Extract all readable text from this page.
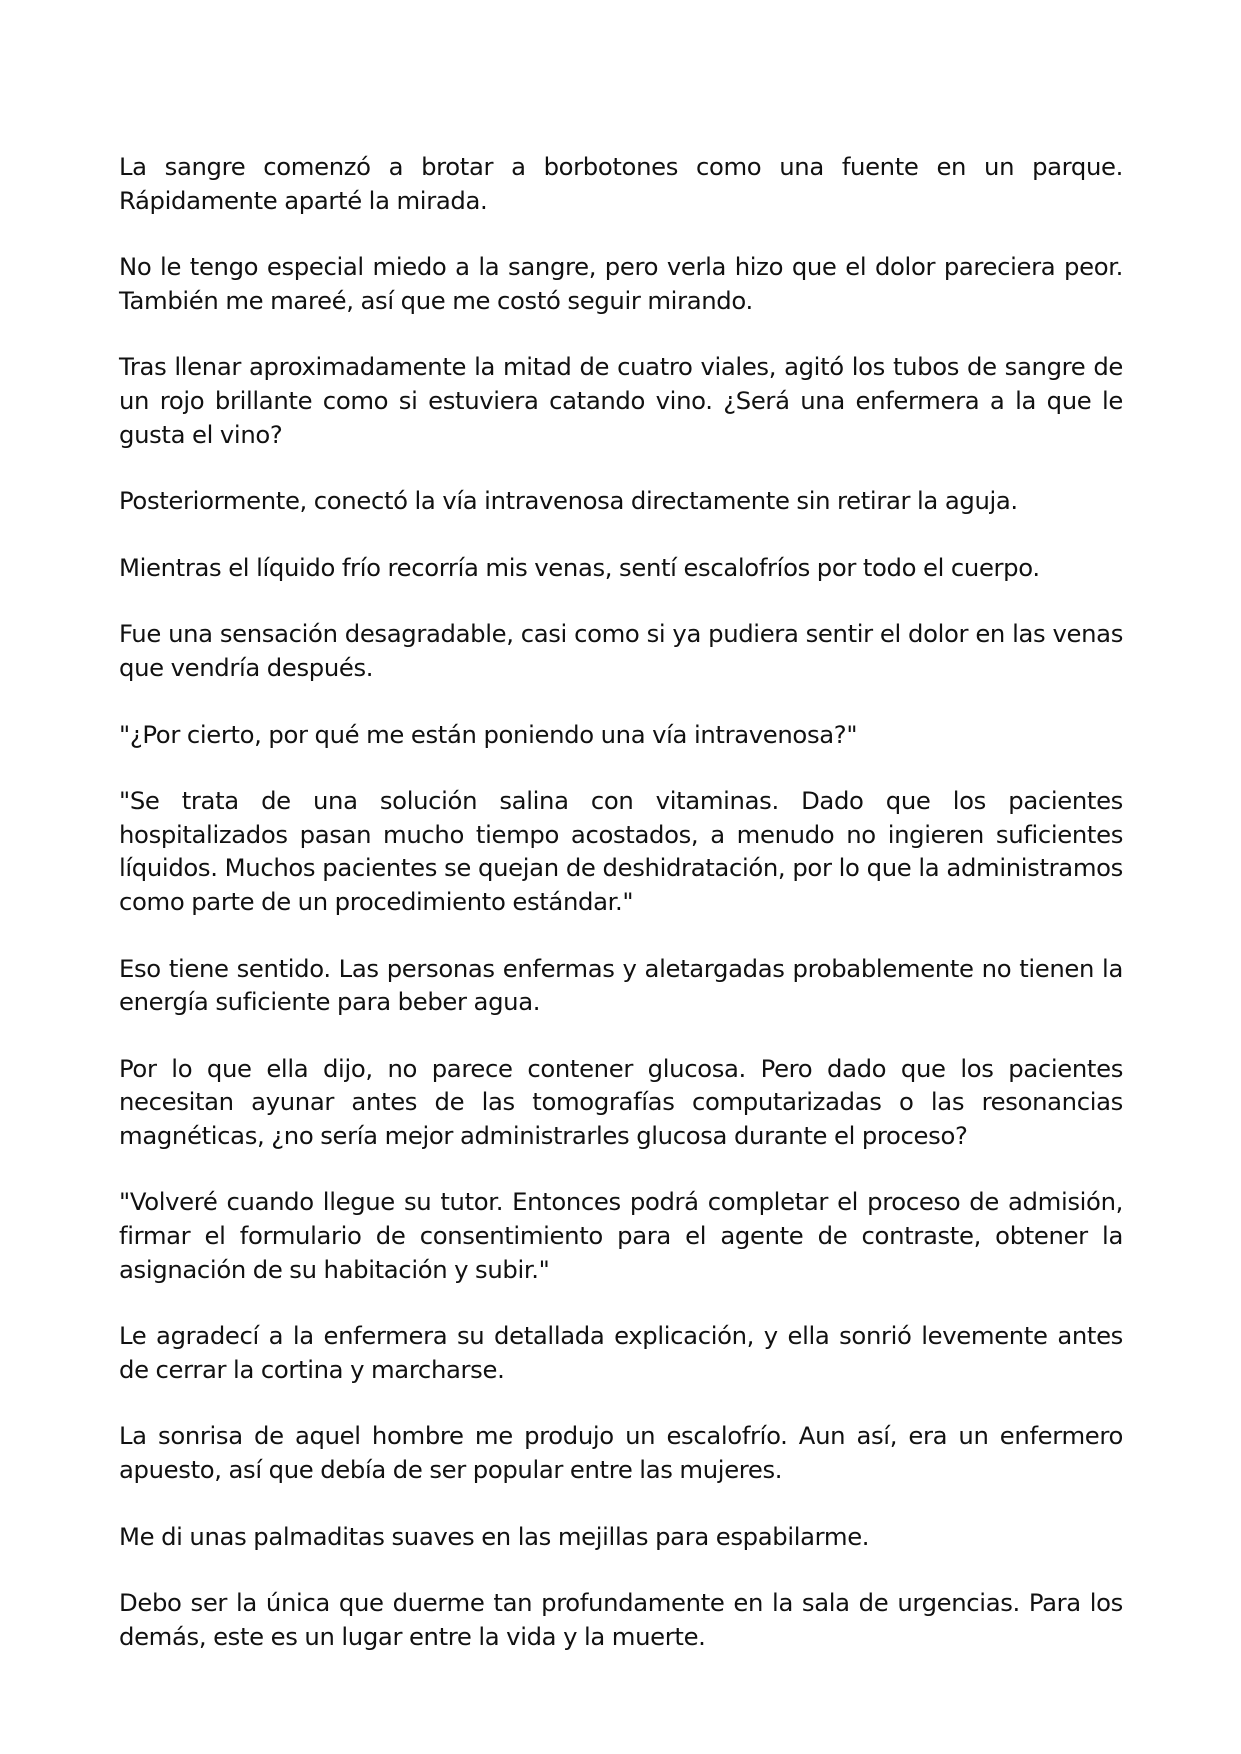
La sangre comenzó a brotar a borbotones como una fuente en un parque. Rápidamente aparté la mirada.

No le tengo especial miedo a la sangre, pero verla hizo que el dolor pareciera peor. También me mareé, así que me costó seguir mirando.

Tras llenar aproximadamente la mitad de cuatro viales, agitó los tubos de sangre de un rojo brillante como si estuviera catando vino. ¿Será una enfermera a la que le gusta el vino?

Posteriormente, conectó la vía intravenosa directamente sin retirar la aguja.

Mientras el líquido frío recorría mis venas, sentí escalofríos por todo el cuerpo.

Fue una sensación desagradable, casi como si ya pudiera sentir el dolor en las venas que vendría después.

"¿Por cierto, por qué me están poniendo una vía intravenosa?"

"Se trata de una solución salina con vitaminas. Dado que los pacientes hospitalizados pasan mucho tiempo acostados, a menudo no ingieren suficientes líquidos. Muchos pacientes se quejan de deshidratación, por lo que la administramos como parte de un procedimiento estándar."

Eso tiene sentido. Las personas enfermas y aletargadas probablemente no tienen la energía suficiente para beber agua.

Por lo que ella dijo, no parece contener glucosa. Pero dado que los pacientes necesitan ayunar antes de las tomografías computarizadas o las resonancias magnéticas, ¿no sería mejor administrarles glucosa durante el proceso?

"Volveré cuando llegue su tutor. Entonces podrá completar el proceso de admisión, firmar el formulario de consentimiento para el agente de contraste, obtener la asignación de su habitación y subir."

Le agradecí a la enfermera su detallada explicación, y ella sonrió levemente antes de cerrar la cortina y marcharse.

La sonrisa de aquel hombre me produjo un escalofrío. Aun así, era un enfermero apuesto, así que debía de ser popular entre las mujeres.

Me di unas palmaditas suaves en las mejillas para espabilarme.

Debo ser la única que duerme tan profundamente en la sala de urgencias. Para los demás, este es un lugar entre la vida y la muerte.
